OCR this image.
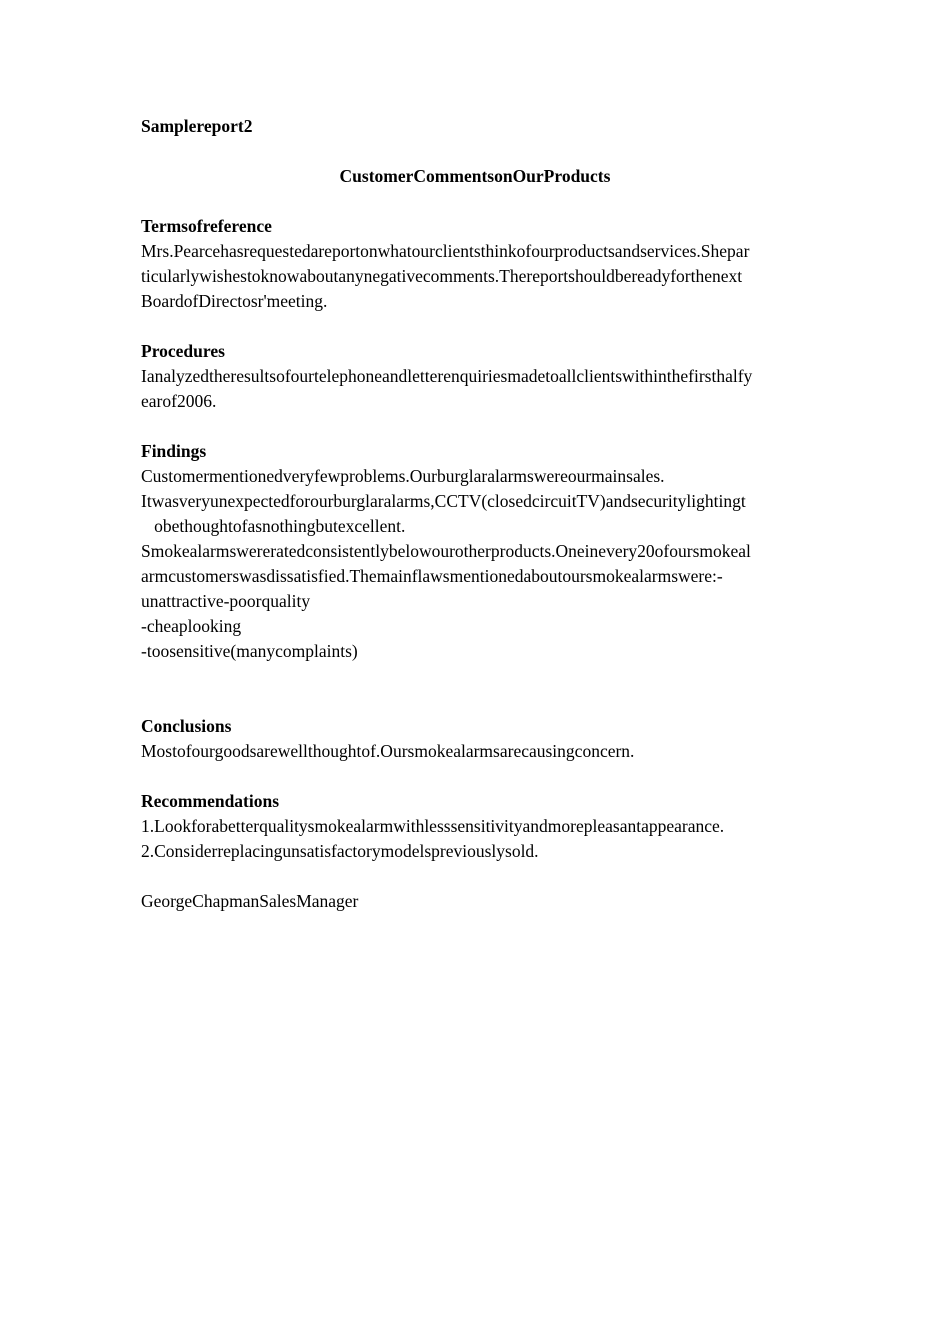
Samplereport2
CustomerCommentsonOurProducts
Termsofreference
Mrs.Pearcehasrequestedareportonwhatourclientsthinkofourproductsandservices.Shepar
ticularlywishestoknowaboutanynegativecomments.Thereportshouldbereadyforthenext
BoardofDirectosr'meeting.
Procedures
Ianalyzedtheresultsofourtelephoneandletterenquiriesmadetoallclientswithinthefirsthalfy
earof2006.
Findings
Customermentionedveryfewproblems.Ourburglaralarmswereourmainsales.
Itwasveryunexpectedforourburglaralarms,CCTV(closedcircuitTV)andsecuritylightingt
obethoughtofasnothingbutexcellent.
Smokealarmswereratedconsistentlybelowourotherproducts.Oneinevery20ofoursmokeal
armcustomerswasdissatisfied.Themainflawsmentionedaboutoursmokealarmswere:-
unattractive-poorquality
-cheaplooking
-toosensitive(manycomplaints)
Conclusions
Mostofourgoodsarewellthoughtof.Oursmokealarmsarecausingconcern.
Recommendations
1.Lookforabetterqualitysmokealarmwithlesssensitivityandmorepleasantappearance.
2.Considerreplacingunsatisfactorymodelspreviouslysold.
GeorgeChapmanSalesManager
